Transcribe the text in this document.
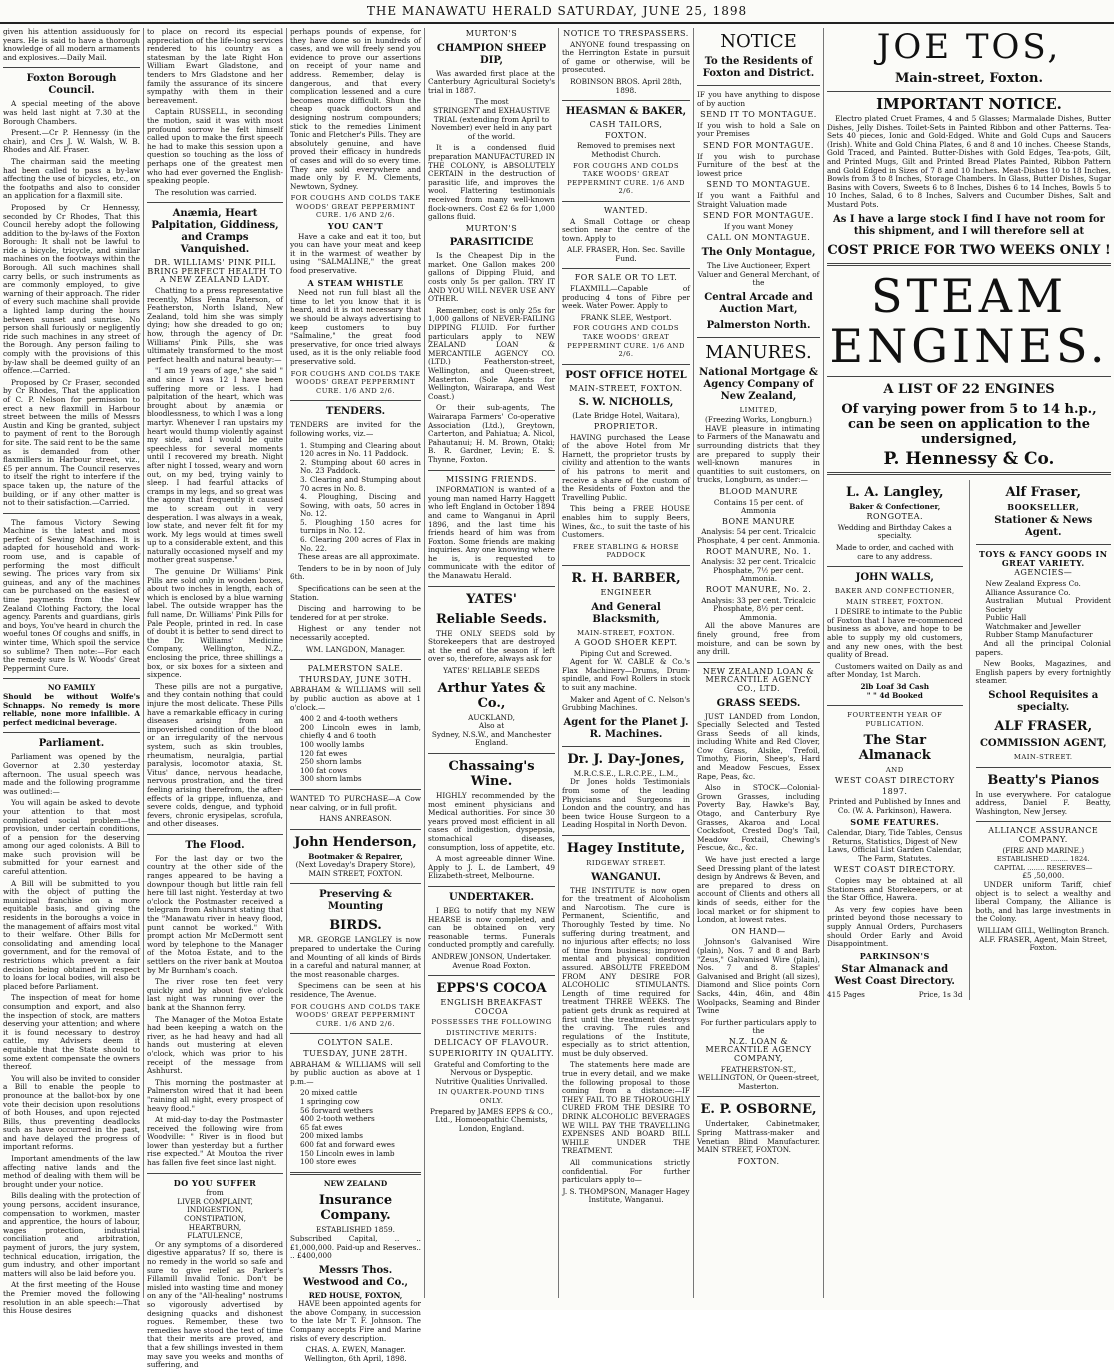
THE MANAWATU HERALD SATURDAY, JUNE 25, 1898

given his attention assiduously for years. He is said to have a thorough knowledge of all modern armaments and explosives.—Daily Mail.

Foxton Borough Council.

A special meeting of the above was held last night at 7.30 at the Borough Chambers.

Present.—Cr P. Hennessy (in the chair), and Crs J. W. Walsh, W. B. Rhodes and Alf. Fraser.

The chairman said the meeting had been called to pass a by-law affecting the use of bicycles, etc., on the footpaths and also to consider an application for a flaxmill site.

Proposed by Cr Hennessy, seconded by Cr Rhodes, That this Council hereby adopt the following addition to the by-laws of the Foxton Borough: It shall not be lawful to ride a bicycle, tricycle, and similar machines on the footways within the Borough. All such machines shall carry bells, or such instruments as are commonly employed, to give warning of their approach. The rider of every such machine shall provide a lighted lamp during the hours between sunset and sunrise. No person shall furiously or negligently ride such machines in any street of the Borough. Any person failing to comply with the provisions of this by-law shall be deemed guilty of an offence.—Carried.

Proposed by Cr Fraser, seconded by Cr Rhodes, That the application of C. P. Nelson for permission to erect a new flaxmill in Harbour street between the mills of Messrs Austin and King be granted, subject to payment of rent to the Borough for site. The said rent to be the same as is demanded from other flaxmillers in Harbour street, viz., £5 per annum. The Council reserves to itself the right to interfere if the space taken up, the nature of the building, or if any other matter is not to their satisfaction.—Carried.

The famous Victory Sewing Machine is the latest and most perfect of Sewing Machines. It is adapted for household and work-room use, and is capable of performing the most difficult sewing. The prices vary from six guineas, and any of the machines can be purchased on the easiest of time payments from the New Zealand Clothing Factory, the local agency. Parents and guardians, girls and boys, You've heard in church the woeful tones Of coughs and sniffs, in winter time, Which spoil the service so sublime? Then note:—For each the remedy sure Is W. Woods' Great Peppermint Cure.

NO FAMILY

Should be without Wolfe's Schnapps. No remedy is more reliable, none more infallible. A perfect medicinal beverage.

Parliament.

Parliament was opened by the Governor at 2.30 yesterday afternoon. The usual speech was made and the following programme was outlined:—

You will again be asked to devote your attention to that most complicated social problem—the provision, under certain conditions, of a pension for the deserving among our aged colonists. A Bill to make such provision will be submitted for your earnest and careful attention.

A Bill will be submitted to you with the object of putting the municipal franchise on a more equitable basis, and giving the residents in the boroughs a voice in the management of affairs most vital to their welfare. Other Bills for consolidating and amending local government, and for the removal of restrictions which prevent a fair decision being obtained in respect to loans for local bodies, will also be placed before Parliament.

The inspection of meat for home consumption and export, and also the inspection of stock, are matters deserving your attention; and where it is found necessary to destroy cattle, my Advisers deem it equitable that the State should to some extent compensate the owners thereof.

You will also be invited to consider a Bill to enable the people to pronounce at the ballot-box by one vote their decision upon resolutions of both Houses, and upon rejected Bills, thus preventing deadlocks such as have occurred in the past, and have delayed the progress of important reforms.

Important amendments of the law affecting native lands and the method of dealing with them will be brought under your notice.

Bills dealing with the protection of young persons, accident insurance, compensation to workmen, master and apprentice, the hours of labour, wages protection, industrial conciliation and arbitration, payment of jurors, the jury system, technical education, irrigation, the gum industry, and other important matters will also be laid before you.

At the first meeting of the House the Premier moved the following resolution in an able speech:—That this House desires

to place on record its especial appreciation of the life-long services rendered to his country as a statesman by the late Right Hon William Ewart Gladstone, and tenders to Mrs Gladstone and her family the assurance of its sincere sympathy with them in their bereavement.

Captain RUSSELL, in seconding the motion, said it was with most profound sorrow he felt himself called upon to make the first speech he had to make this session upon a question so touching as the loss of perhaps one of the greatest men who had ever governed the English-speaking people.

The resolution was carried.

Anæmia, Heart Palpitation, Giddiness, and Cramps Vanquished.
DR. WILLIAMS' PINK PILL BRING PERFECT HEALTH TO A NEW ZEALAND LADY.

Chatting to a press representative recently, Miss Fenna Paterson, of Featherston, North Island, New Zealand, told him she was simply dying; how she dreaded to go on; how, through the agency of Dr. Williams' Pink Pills, she was ultimately transformed to the most perfect health and natural beauty:—

"I am 19 years of age," she said " and since I was 12 I have been suffering more or less. I had palpitation of the heart, which was brought about by anæmia or bloodlessness, to which I was a long martyr. Whenever I ran upstairs my heart would thump violently against my side, and I would be quite speechless for several moments until I recovered my breath. Night after night I tossed, weary and worn out, on my bed, trying vainly to sleep. I had fearful attacks of cramps in my legs, and so great was the agony that frequently it caused me to scream out in very desperation. I was always in a weak, low state, and never felt fit for my work. My legs would at times swell up to a considerable extent, and this naturally occasioned myself and my mother great suspense."

The genuine Dr Williams' Pink Pills are sold only in wooden boxes, about two inches in length, each of which is enclosed by a blue warning label. The outside wrapper has the full name, Dr. Williams' Pink Pills for Pale People, printed in red. In case of doubt it is better to send direct to the Dr. Williams' Medicine Company, Wellington, N.Z., enclosing the price, three shillings a box, or six boxes for a sixteen and sixpence.

These pills are not a purgative, and they contain nothing that could injure the most delicate. These Pills have a remarkable efficacy in curing diseases arising from an impoverished condition of the blood or an irregularity of the nervous system, such as skin troubles, rheumatism, neuralgia, partial paralysis, locomotor ataxia, St. Vitus' dance, nervous headache, nervous prostration, and the tired feeling arising therefrom, the after-effects of la grippe, influenza, and severe colds, dengue, and typhoid fevers, chronic erysipelas, scrofula, and other diseases.

The Flood.

For the last day or two the country at the other side of the ranges appeared to be having a downpour though but little rain fell here till last night. Yesterday at two o'clock the Postmaster received a telegram from Ashhurst stating that the "Manawatu river in heavy flood, punt cannot be worked." With prompt action Mr McDermott sent word by telephone to the Manager of the Motoa Estate, and to the settlers on the river bank at Moutoa by Mr Burnham's coach.

The river rose ten feet very quickly and by about five o'clock last night was running over the bank at the Shannon ferry.

The Manager of the Motoa Estate had been keeping a watch on the river, as he had heavy and had all hands out mustering at eleven o'clock, which was prior to his receipt of the message from Ashhurst.

This morning the postmaster at Palmerston wired that it had been "raining all night, every prospect of heavy flood."

At mid-day to-day the Postmaster received the following wire from Woodville: " River is in flood but lower than yesterday but a further rise expected." At Moutoa the river has fallen five feet since last night.

DO YOU SUFFER
from
LIVER COMPLAINT,
INDIGESTION,
CONSTIPATION,
HEARTBURN,
FLATULENCE,

Or any symptoms of a disordered digestive apparatus? If so, there is no remedy in the world so safe and sure to give relief as Parker's Fillamill Invalid Tonic. Don't be misled into wasting time and money on any of the "All-healing" nostrums so vigorously advertised by designing quacks and dishonest rogues. Remember, these two remedies have stood the test of time that their merits are proved, and that a few shillings invested in them may save you weeks and months of suffering, and

perhaps pounds of expense, for they have done so in hundreds of cases, and we will freely send you evidence to prove our assertions on receipt of your name and address. Remember, delay is dangerous, and that every complication lessened and a cure becomes more difficult. Shun the cheap quack doctors and designing nostrum compounders; stick to the remedies Liniment Tonic and Fletcher's Pills. They are absolutely genuine, and have proved their efficacy in hundreds of cases and will do so every time. They are sold everywhere and made only by F. M. Clements, Newtown, Sydney.

FOR COUGHS AND COLDS TAKE WOODS' GREAT PEPPERMINT CURE. 1/6 AND 2/6.
YOU CAN'T

Have a cake and eat it too, but you can have your meat and keep it in the warmest of weather by using "SALMALINE," the great food preservative.

A STEAM WHISTLE

Need not run full blast all the time to let you know that it is heard, and it is not necessary that we should be always advertising to keep customers to buy "Salmaline," the great food preservative, for once tried always used, as it is the only reliable food preservative sold.

FOR COUGHS AND COLDS TAKE WOODS' GREAT PEPPERMINT CURE. 1/6 AND 2/6.
TENDERS.

TENDERS are invited for the following works, viz.—

1. Stumping and Clearing about 120 acres in No. 11 Paddock.
2. Stumping about 60 acres in No. 23 Paddock.
3. Clearing and Stumping about 70 acres in No. 8.
4. Ploughing, Discing and Sowing, with oats, 50 acres in No. 12.
5. Ploughing 150 acres for turnips in No. 12.
6. Clearing 200 acres of Flax in No. 22.

These areas are all approximate.

Tenders to be in by noon of July 6th.

Specifications can be seen at the Station.

Discing and harrowing to be tendered for at per stroke.

Highest or any tender not necessarily accepted.

WM. LANGDON, Manager.
PALMERSTON SALE.
THURSDAY, JUNE 30TH.

ABRAHAM & WILLIAMS will sell by public auction as above at 1 o'clock.—

400 2 and 4-tooth wethers
200 Lincoln ewes in lamb, chiefly 4 and 6 tooth
100 woolly lambs
120 fat ewes
250 shorn lambs
100 fat cows
300 shorn lambs

WANTED TO PURCHASE—A Cow near calving, or in full profit.

HANS ANREASON.
John Henderson,
Bootmaker & Repairer,
(Next Loveday's Drapery Store),
MAIN STREET, FOXTON.
Preserving & Mounting
BIRDS.

MR. GEORGE LANGLEY is now prepared to undertake the Curing and Mounting of all kinds of Birds in a careful and natural manner, at the most reasonable charges.

Specimens can be seen at his residence, The Avenue.

FOR COUGHS AND COLDS TAKE WOODS' GREAT PEPPERMINT CURE. 1/6 AND 2/6.
COLYTON SALE.
TUESDAY, JUNE 28TH.

ABRAHAM & WILLIAMS will sell by public auction as above at 1 p.m.—

20 mixed cattle
1 springing cow
56 forward wethers
400 2-tooth wethers
65 fat ewes
200 mixed lambs
600 fat and forward ewes
150 Lincoln ewes in lamb
100 store ewes
NEW ZEALAND
Insurance Company.
ESTABLISHED 1859.

Subscribed Capital, .. .. £1,000,000. Paid-up and Reserves.. .. £400,000

Messrs Thos. Westwood and Co.,
RED HOUSE, FOXTON,

HAVE been appointed agents for the above Company, in succession to the late Mr T. F. Johnson. The Company accepts Fire and Marine risks of every description.

CHAS. A. EWEN, Manager. Wellington, 6th April, 1898.
MURTON'S
CHAMPION SHEEP DIP,

Was awarded first place at the Canterbury Agricultural Society's trial in 1887.

The most

STRINGENT and EXHAUSTIVE TRIAL (extending from April to November) ever held in any part of the world.

It is a condensed fluid preparation MANUFACTURED IN THE COLONY, is ABSOLUTELY CERTAIN in the destruction of parasitic life, and improves the wool. Flattering testimonials received from many well-known flock-owners. Cost £2 6s for 1,000 gallons fluid.

MURTON'S
PARASITICIDE

Is the Cheapest Dip in the market. One Gallon makes 200 gallons of Dipping Fluid, and costs only 5s per gallon. TRY IT AND YOU WILL NEVER USE ANY OTHER.

Remember, cost is only 25s for 1,000 gallons of NEVER-FAILING DIPPING FLUID. For further particulars apply to NEW ZEALAND LOAN & MERCANTILE AGENCY CO. (LTD.) Featherston-street, Wellington, and Queen-street, Masterton. (Sole Agents for Wellington, Wairarapa, and West Coast.)

Or their sub-agents, The Wairarapa Farmers' Co-operative Association (Ltd.), Greytown, Carterton, and Pahiatua; A. Nicol, Pahautanui; H. M. Brown, Otaki; B. R. Gardner, Levin; E. S. Thynne, Foxton.

MISSING FRIENDS.

INFORMATION is wanted of a young man named Harry Haggett who left England in October 1894 and came to Wanganui in April 1896, and the last time his friends heard of him was from Foxton. Some friends are making inquiries. Any one knowing where he is, is requested to communicate with the editor of the Manawatu Herald.

YATES'
Reliable Seeds.

THE ONLY SEEDS sold by Storekeepers that are destroyed at the end of the season if left over so, therefore, always ask for

YATES' RELIABLE SEEDS
Arthur Yates & Co.,
AUCKLAND,
Also at
Sydney, N.S.W., and Manchester England.
Chassaing's Wine.

HIGHLY recommended by the most eminent physicians and Medical authorities. For since 30 years proved most efficient in all cases of indigestion, dyspepsia, stomachical diseases, consumption, loss of appetite, etc.

A most agreeable dinner Wine. Apply to J. L. de Lambert, 49 Elizabeth-street, Melbourne.

UNDERTAKER.

I BEG to notify that my NEW HEARSE is now completed, and can be obtained on very reasonable terms. Funerals conducted promptly and carefully.

ANDREW JONSON, Undertaker. Avenue Road Foxton.
EPPS'S COCOA
ENGLISH BREAKFAST COCOA
POSSESSES THE FOLLOWING
DISTINCTIVE MERITS:
DELICACY OF FLAVOUR.
SUPERIORITY IN QUALITY.
Grateful and Comforting to the Nervous or Dyspeptic.
Nutritive Qualities Unrivalled.
IN QUARTER-POUND TINS ONLY.
Prepared by JAMES EPPS & CO., Ltd., Homoeopathic Chemists, London, England.
NOTICE TO TRESPASSERS.

ANYONE found trespassing on the Herrington Estate in pursuit of game or otherwise, will be prosecuted.

ROBINSON BROS. April 28th, 1898.
HEASMAN & BAKER,
CASH TAILORS,
FOXTON.
Removed to premises next Methodist Church.
FOR COUGHS AND COLDS TAKE WOODS' GREAT PEPPERMINT CURE. 1/6 AND 2/6.
WANTED.

A Small Cottage or cheap section near the centre of the town. Apply to

ALF. FRASER, Hon. Sec. Saville Fund.
FOR SALE OR TO LET.

FLAXMILL—Capable of producing 4 tons of Fibre per week. Water Power. Apply to

FRANK SLEE, Westport.
FOR COUGHS AND COLDS TAKE WOODS' GREAT PEPPERMINT CURE. 1/6 AND 2/6.
POST OFFICE HOTEL
MAIN-STREET, FOXTON.
S. W. NICHOLLS,
(Late Bridge Hotel, Waitara),
PROPRIETOR.

HAVING purchased the Lease of the above Hotel from Mr Harnett, the proprietor trusts by civility and attention to the wants of his patrons to merit and receive a share of the custom of the Residents of Foxton and the Travelling Public.

This being a FREE HOUSE enables him to supply Beers, Wines, &c., to suit the taste of his Customers.

FREE STABLING & HORSE PADDOCK
R. H. BARBER,
ENGINEER
And General Blacksmith,
MAIN-STREET, FOXTON.
A GOOD SHOER KEPT.
Piping Cut and Screwed.

Agent for W. CABLE & Co.'s Flax Machinery—Drums, Drum-spindle, and Fowl Rollers in stock to suit any machine.

Maker and Agent of C. Nelson's Grubbing Machines.

Agent for the Planet J. R. Machines.
Dr. J. Day-Jones,
M.R.C.S.E., L.R.C.P.E., L.M.,

Dr Jones holds Testimonials from some of the leading Physicians and Surgeons in London and the country, and has been twice House Surgeon to a Leading Hospital in North Devon.

Hagey Institute,
RIDGEWAY STREET.
WANGANUI.

THE INSTITUTE is now open for the treatment of Alcoholism and Narcotism. The cure is Permanent, Scientific, and Thoroughly Tested by time. No suffering during treatment, and no injurious after effects; no loss of time from business; improved mental and physical condition assured. ABSOLUTE FREEDOM FROM ANY DESIRE FOR ALCOHOLIC STIMULANTS. Length of time required for treatment THREE WEEKS. The patient gets drunk as required at first until the treatment destroys the craving. The rules and regulations of the Institute, especially as to strict attention, must be duly observed.

The statements here made are true in every detail, and we make the following proposal to those coming from a distance:—IF THEY FAIL TO BE THOROUGHLY CURED FROM THE DESIRE TO DRINK ALCOHOLIC BEVERAGES WE WILL PAY THE TRAVELLING EXPENSES AND BOARD BILL WHILE UNDER THE TREATMENT.

All communications strictly confidential. For further particulars apply to—

J. S. THOMPSON, Manager Hagey Institute, Wanganui.
NOTICE
To the Residents of Foxton and District.

IF you have anything to dispose of by auction

SEND IT TO MONTAGUE.

If you wish to hold a Sale on your Premises

SEND FOR MONTAGUE.

If you wish to purchase Furniture of the best at the lowest price

SEND TO MONTAGUE.

If you want a Faithful and Straight Valuation made

SEND FOR MONTAGUE.

If you want Money

CALL ON MONTAGUE.
The Only Montague,

The Live Auctioneer, Expert Valuer and General Merchant, of the

Central Arcade and Auction Mart,
Palmerston North.
MANURES.
National Mortgage & Agency Company of New Zealand,
LIMITED,
(Freezing Works, Longburn.)

HAVE pleasure in intimating to Farmers of the Manawatu and surrounding districts that they are prepared to supply their well-known manures in quantities to suit customers, on trucks, Longburn, as under:—

BLOOD MANURE
Contains 15 per cent. of Ammonia
BONE MANURE
Analysis: 54 per cent. Tricalcic Phosphate, 4 per cent. Ammonia.
ROOT MANURE, No. 1.
Analysis: 32 per cent. Tricalcic Phosphate, 7½ per cent. Ammonia.
ROOT MANURE, No. 2.
Analysis: 33 per cent. Tricalcic Phosphate, 8½ per cent. Ammonia.

All the above Manures are finely ground, free from moisture, and can be sown by any drill.

NEW ZEALAND LOAN & MERCANTILE AGENCY CO., LTD.
GRASS SEEDS.

JUST LANDED from London, Specially Selected and Tested Grass Seeds of all kinds, including White and Red Clover, Cow Grass, Alsike, Trefoil, Timothy, Fiorin, Sheep's, Hard and Meadow Fescues, Essex Rape, Peas, &c.

Also in STOCK—Colonial-Grown Grasses, including Poverty Bay, Hawke's Bay, Otago, and Canterbury Rye Grasses, Akaroa and Local Cocksfoot, Crested Dog's Tail, Meadow Foxtail, Chewing's Fescue, &c., &c.

We have just erected a large Seed Dressing plant of the latest design by Andrews & Beven, and are prepared to dress on account of Clients and others all kinds of seeds, either for the local market or for shipment to London, at lowest rates.

ON HAND—

Johnson's Galvanised Wire (plain), Nos. 7 and 8 and Barb "Zeus," Galvanised Wire (plain), Nos. 7 and 8. Staples' Galvanised and Bright (all sizes), Diamond and Slice points Corn Sacks, 44in, 46in, and 48in Woolpacks, Seaming and Binder Twine

For further particulars apply to the
N.Z. LOAN & MERCANTILE AGENCY COMPANY,
FEATHERSTON-ST., WELLINGTON, Or Queen-street, Masterton.
E. P. OSBORNE,

Undertaker, Cabinetmaker, Spring Mattrass-maker and Venetian Blind Manufacturer. MAIN STREET, FOXTON.

FOXTON.
JOE TOS,
Main-street, Foxton.
IMPORTANT NOTICE.

Electro plated Cruet Frames, 4 and 5 Glasses; Marmalade Dishes, Butter Dishes, Jelly Dishes. Toilet-Sets in Painted Ribbon and other Patterns. Tea-Sets 40 pieces, Ionic and Gold-Edged. White and Gold Cups and Saucers (Irish). White and Gold China Plates, 6 and 8 and 10 inches. Cheese Stands, Gold Traced, and Painted. Butter-Dishes with Gold Edges, Tea-pots, Gilt, and Printed Mugs, Gilt and Printed Bread Plates Painted, Ribbon Pattern and Gold Edged in Sizes of 7 8 and 10 Inches. Meat-Dishes 10 to 18 Inches, Bowls from 3 to 8 Inches, Storage Chambers. In Glass, Butter Dishes, Sugar Basins with Covers, Sweets 6 to 8 Inches, Dishes 6 to 14 Inches, Bowls 5 to 10 Inches, Salad, 6 to 8 Inches, Salvers and Cucumber Dishes, Salt and Mustard Pots.

As I have a large stock I find I have not room for this shipment, and I will therefore sell at
COST PRICE FOR TWO WEEKS ONLY !
STEAM
ENGINES.
A LIST OF 22 ENGINES
Of varying power from 5 to 14 h.p., can be seen on application to the undersigned,
P. Hennessy & Co.
L. A. Langley,
Baker & Confectioner,
RONGOTEA.

Wedding and Birthday Cakes a specialty.

Made to order, and cached with care to any address.

JOHN WALLS,
BAKER AND CONFECTIONER,
MAIN STREET, FOXTON.

I DESIRE to intimate to the Public of Foxton that I have re-commenced business as above, and hope to be able to supply my old customers, and any new ones, with the best quality of Bread.

Customers waited on Daily as and after Monday, 1st March.

2lb Loaf 3d Cash
" " 4d Booked
FOURTEENTH YEAR OF PUBLICATION.
The Star Almanack
AND
WEST COAST DIRECTORY
1897.

Printed and Published by Innes and Co. (W. A. Parkinson), Hawera.

SOME FEATURES.

Calendar, Diary, Tide Tables, Census Returns, Statistics, Digest of New Laws, Official List Garden Calendar, The Farm, Statutes.

WEST COAST DIRECTORY.

Copies may be obtained at all Stationers and Storekeepers, or at the Star Office, Hawera.

As very few copies have been printed beyond those necessary to supply Annual Orders, Purchasers should Order Early and Avoid Disappointment.

PARKINSON'S
Star Almanack and West Coast Directory.
415 Pages	Price, 1s 3d
Alf Fraser,
BOOKSELLER,
Stationer & News Agent.
TOYS & FANCY GOODS IN GREAT VARIETY.
AGENCIES—
New Zealand Express Co.
Alliance Assurance Co.
Australian Mutual Provident Society
Public Hall
Watchmaker and Jeweller
Rubber Stamp Manufacturer

And all the principal Colonial papers.

New Books, Magazines, and English papers by every fortnightly steamer.

School Requisites a specialty.
ALF FRASER,
COMMISSION AGENT,
MAIN-STREET.
Beatty's Pianos

In use everywhere. For catalogue address, Daniel F. Beatty, Washington, New Jersey.

ALLIANCE ASSURANCE COMPANY.
(FIRE AND MARINE.)
ESTABLISHED ........ 1824.
CAPITAL ........ RESERVES—
£5 ,50,000.

UNDER uniform Tariff, chief object is to select a wealthy and liberal Company, the Alliance is both, and has large investments in the Colony.

WILLIAM GILL, Wellington Branch.
ALF. FRASER, Agent, Main Street, Foxton.
